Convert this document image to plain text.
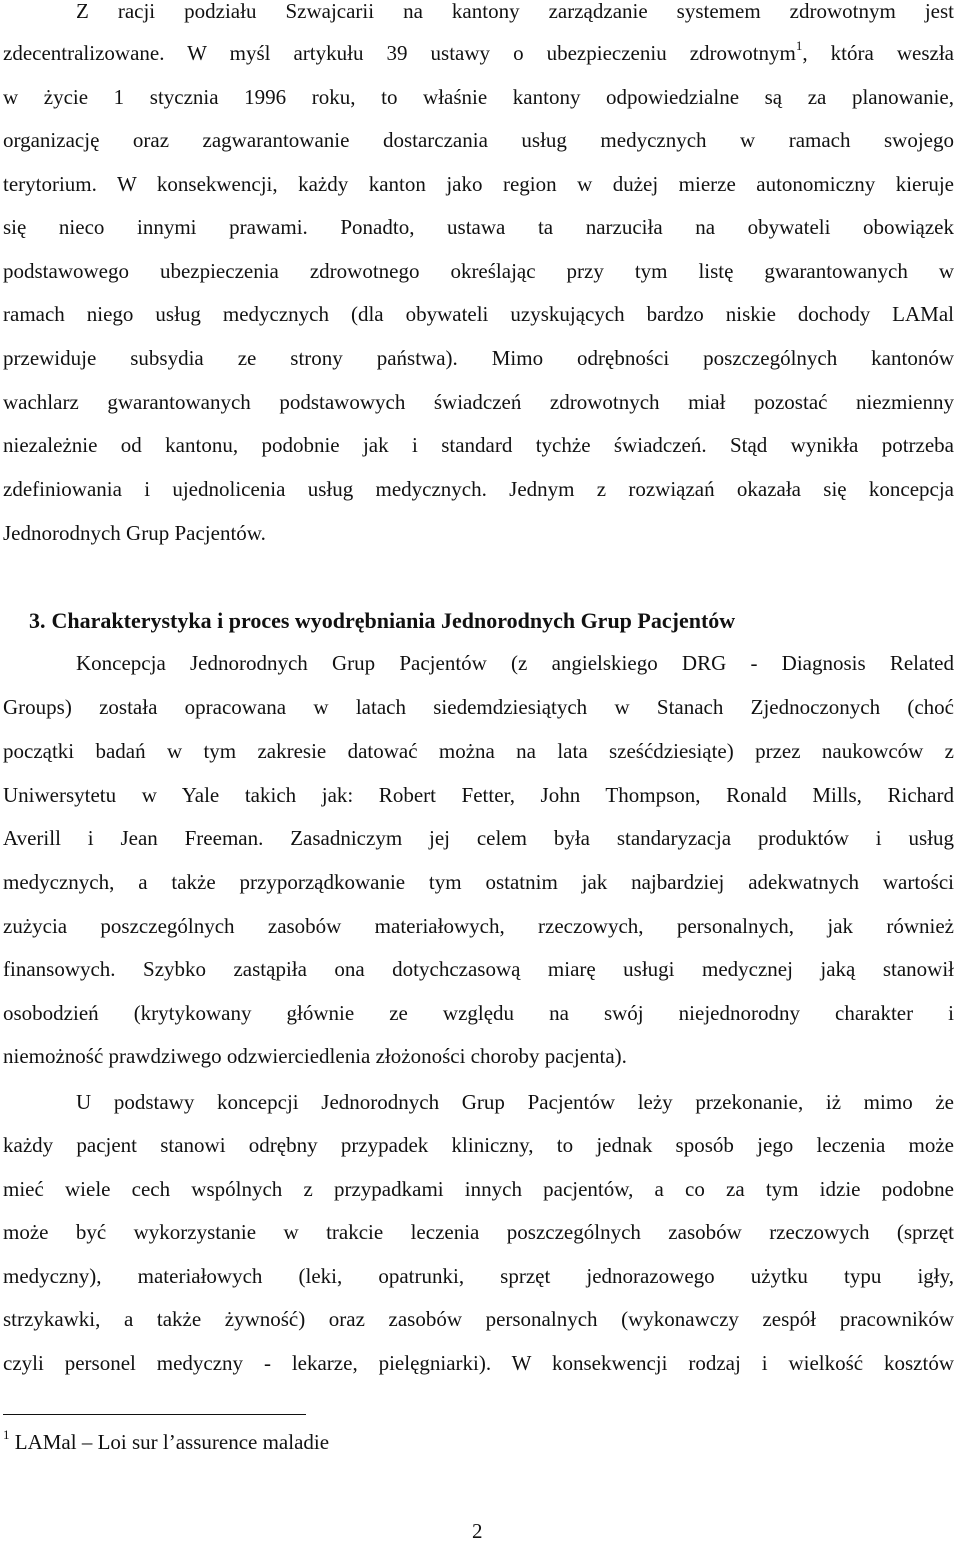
Z racji podziału Szwajcarii na kantony zarządzanie systemem zdrowotnym jest
zdecentralizowane. W myśl artykułu 39 ustawy o ubezpieczeniu zdrowotnym$^1$, która weszła
w życie 1 stycznia 1996 roku, to właśnie kantony odpowiedzialne są za planowanie,
organizację oraz zagwarantowanie dostarczania usług medycznych w ramach swojego
terytorium. W konsekwencji, każdy kanton jako region w dużej mierze autonomiczny kieruje
się nieco innymi prawami. Ponadto, ustawa ta narzuciła na obywateli obowiązek
podstawowego ubezpieczenia zdrowotnego określając przy tym listę gwarantowanych w
ramach niego usług medycznych (dla obywateli uzyskujących bardzo niskie dochody LAMal
przewiduje subsydia ze strony państwa). Mimo odrębności poszczególnych kantonów
wachlarz gwarantowanych podstawowych świadczeń zdrowotnych miał pozostać niezmienny
niezależnie od kantonu, podobnie jak i standard tychże świadczeń. Stąd wynikła potrzeba
zdefiniowania i ujednolicenia usług medycznych. Jednym z rozwiązań okazała się koncepcja
Jednorodnych Grup Pacjentów.
3. Charakterystyka i proces wyodrębniania Jednorodnych Grup Pacjentów
Koncepcja Jednorodnych Grup Pacjentów (z angielskiego DRG - Diagnosis Related
Groups) została opracowana w latach siedemdziesiątych w Stanach Zjednoczonych (choć
początki badań w tym zakresie datować można na lata sześćdziesiąte) przez naukowców z
Uniwersytetu w Yale takich jak: Robert Fetter, John Thompson, Ronald Mills, Richard
Averill i Jean Freeman. Zasadniczym jej celem była standaryzacja produktów i usług
medycznych, a także przyporządkowanie tym ostatnim jak najbardziej adekwatnych wartości
zużycia poszczególnych zasobów materiałowych, rzeczowych, personalnych, jak również
finansowych. Szybko zastąpiła ona dotychczasową miarę usługi medycznej jaką stanowił
osobodzień (krytykowany głównie ze względu na swój niejednorodny charakter i
niemożność prawdziwego odzwierciedlenia złożoności choroby pacjenta).
U podstawy koncepcji Jednorodnych Grup Pacjentów leży przekonanie, iż mimo że
każdy pacjent stanowi odrębny przypadek kliniczny, to jednak sposób jego leczenia może
mieć wiele cech wspólnych z przypadkami innych pacjentów, a co za tym idzie podobne
może być wykorzystanie w trakcie leczenia poszczególnych zasobów rzeczowych (sprzęt
medyczny), materiałowych (leki, opatrunki, sprzęt jednorazowego użytku typu igły,
strzykawki, a także żywność) oraz zasobów personalnych (wykonawczy zespół pracowników
czyli personel medyczny - lekarze, pielęgniarki). W konsekwencji rodzaj i wielkość kosztów
$^1$ LAMal – Loi sur l’assurence maladie
2
